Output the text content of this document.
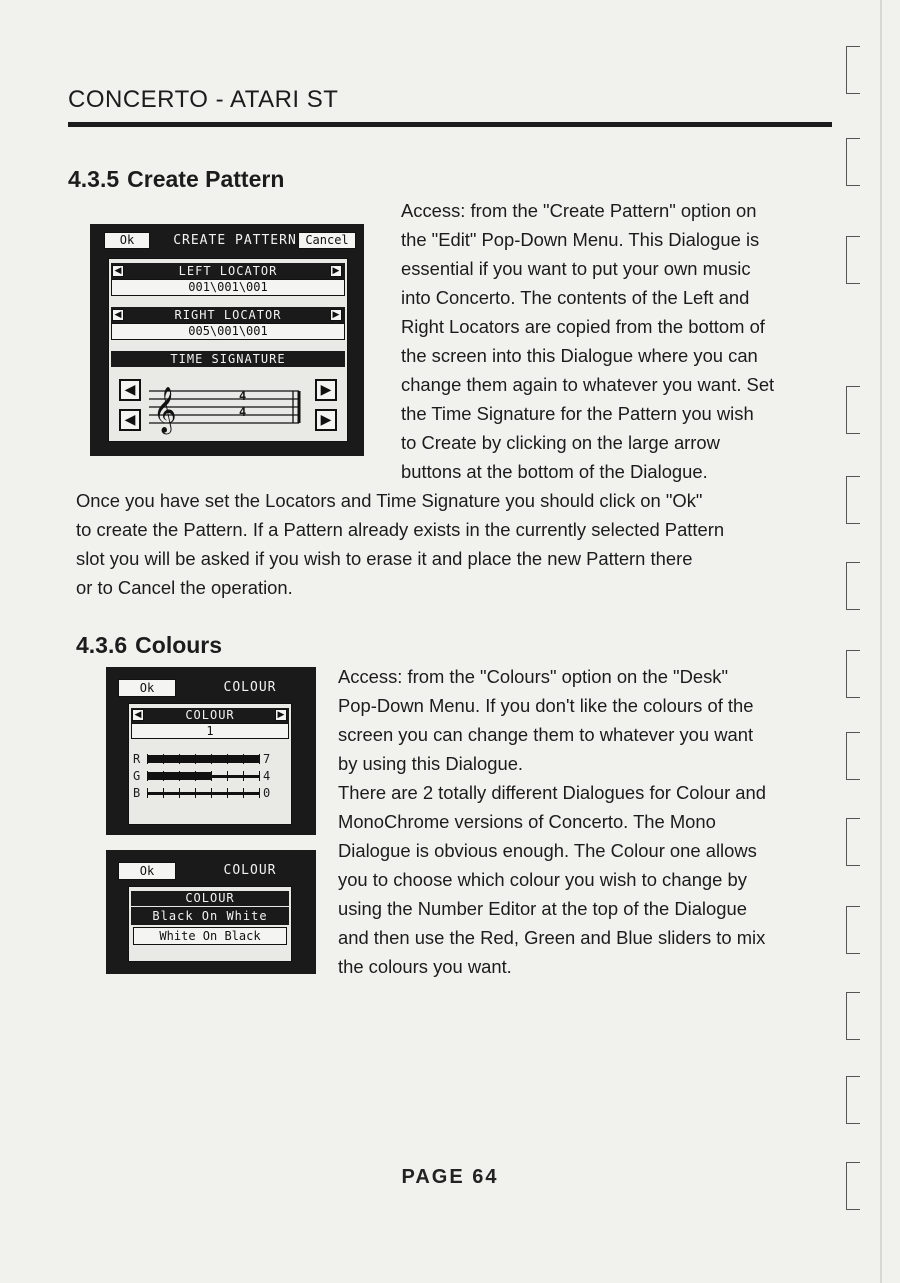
CONCERTO - ATARI ST
4.3.5 Create Pattern
Ok	CREATE PATTERN Cancel
LEFT LOCATOR
◀	▶
001\001\001
RIGHT LOCATOR
◀	▶
005\001\001
TIME SIGNATURE
◀
◀
▶
▶
𝄞	4
4
Access: from the "Create Pattern" option on
the "Edit" Pop-Down Menu. This Dialogue is
essential if you want to put your own music
into Concerto. The contents of the Left and
Right Locators are copied from the bottom of
the screen into this Dialogue where you can
change them again to whatever you want. Set
the Time Signature for the Pattern you wish
to Create by clicking on the large arrow
buttons at the bottom of the Dialogue.
Once you have set the Locators and Time Signature you should click on "Ok"
to create the Pattern. If a Pattern already exists in the currently selected Pattern
slot you will be asked if you wish to erase it and place the new Pattern there
or to Cancel the operation.
4.3.6 Colours
Ok	COLOUR
COLOUR
◀	▶
1
R	7
G	4
B	0
Ok	COLOUR
COLOUR
Black On White
White On Black
Access: from the "Colours" option on the "Desk"
Pop-Down Menu. If you don't like the colours of the
screen you can change them to whatever you want
by using this Dialogue.
There are 2 totally different Dialogues for Colour and
MonoChrome versions of Concerto. The Mono
Dialogue is obvious enough. The Colour one allows
you to choose which colour you wish to change by
using the Number Editor at the top of the Dialogue
and then use the Red, Green and Blue sliders to mix
the colours you want.
PAGE 64
